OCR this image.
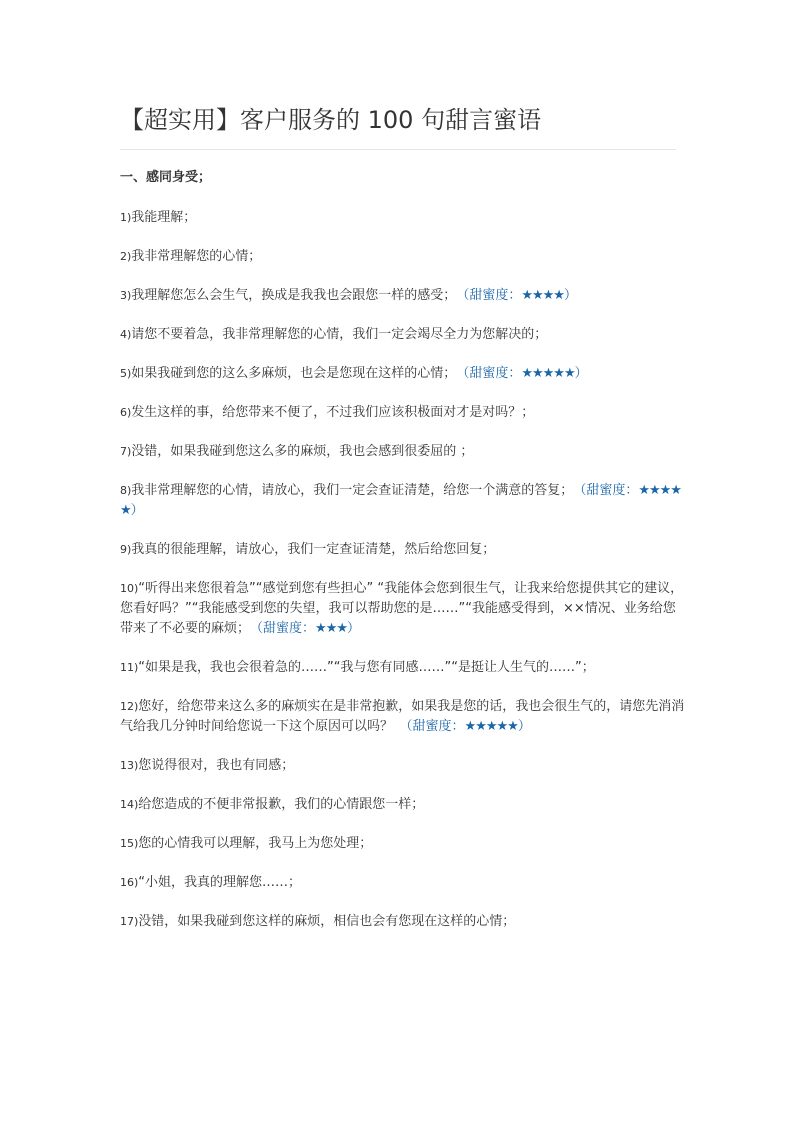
【超实用】客户服务的 100 句甜言蜜语
一、感同身受；

1)我能理解；

2)我非常理解您的心情；

3)我理解您怎么会生气，换成是我我也会跟您一样的感受；　（甜蜜度：★★★★）

4)请您不要着急，我非常理解您的心情，我们一定会竭尽全力为您解决的；

5)如果我碰到您的这么多麻烦，也会是您现在这样的心情；　（甜蜜度：★★★★★）

6)发生这样的事，给您带来不便了，不过我们应该积极面对才是对吗？；

7)没错，如果我碰到您这么多的麻烦，我也会感到很委屈的 ；

8)我非常理解您的心情，请放心，我们一定会查证清楚，给您一个满意的答复；　（甜蜜度：★★★★★）

9)我真的很能理解，请放心，我们一定查证清楚，然后给您回复；

10)“听得出来您很着急”“感觉到您有些担心” “我能体会您到很生气，让我来给您提供其它的建议，您看好吗？”“我能感受到您的失望，我可以帮助您的是……”“我能感受得到，××情况、业务给您带来了不必要的麻烦；　（甜蜜度：★★★）

11)“如果是我，我也会很着急的……”“我与您有同感……”“是挺让人生气的……”；

12)您好，给您带来这么多的麻烦实在是非常抱歉，如果我是您的话，我也会很生气的，请您先消消气给我几分钟时间给您说一下这个原因可以吗？　（甜蜜度：★★★★★）

13)您说得很对，我也有同感；

14)给您造成的不便非常报歉，我们的心情跟您一样；

15)您的心情我可以理解，我马上为您处理；

16)“小姐，我真的理解您……；

17)没错，如果我碰到您这样的麻烦，相信也会有您现在这样的心情；
